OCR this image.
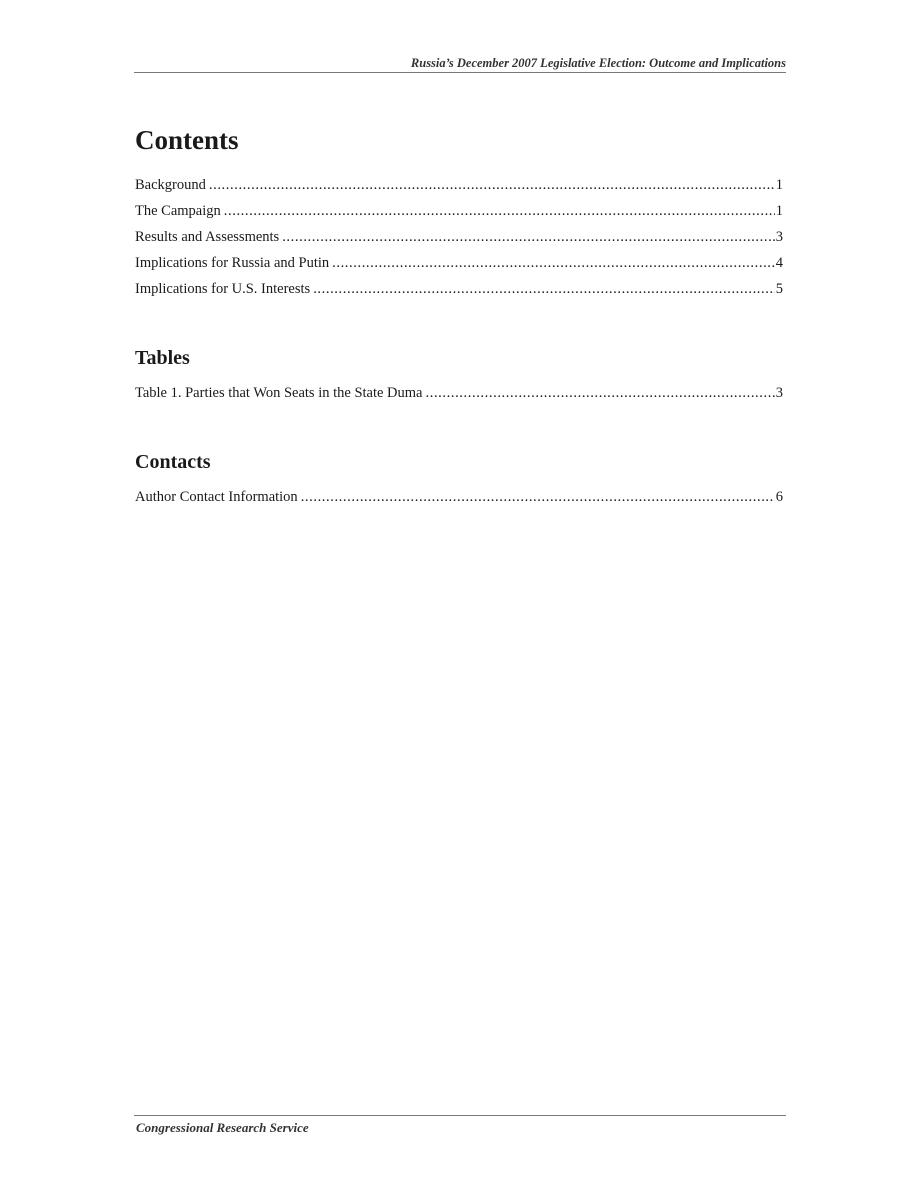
Russia’s December 2007 Legislative Election: Outcome and Implications
Contents
Background .....	1
The Campaign .....	1
Results and Assessments .....	3
Implications for Russia and Putin .....	4
Implications for U.S. Interests .....	5
Tables
Table 1. Parties that Won Seats in the State Duma .....	3
Contacts
Author Contact Information .....	6
Congressional Research Service
